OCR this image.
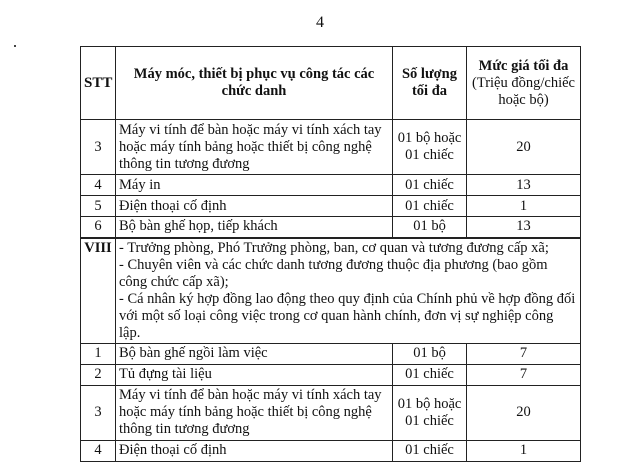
4
STT	Máy móc, thiết bị phục vụ công tác các chức danh	Số lượng tối đa	Mức giá tối đa
(Triệu đồng/chiếc hoặc bộ)

3	Máy vi tính để bàn hoặc máy vi tính xách tay hoặc máy tính bảng hoặc thiết bị công nghệ thông tin tương đương	01 bộ hoặc 01 chiếc	20
4	Máy in	01 chiếc	13
5	Điện thoại cố định	01 chiếc	1
6	Bộ bàn ghế họp, tiếp khách	01 bộ	13
VIII	- Trưởng phòng, Phó Trưởng phòng, ban, cơ quan và tương đương cấp xã;
- Chuyên viên và các chức danh tương đương thuộc địa phương (bao gồm công chức cấp xã);
- Cá nhân ký hợp đồng lao động theo quy định của Chính phủ về hợp đồng đối với một số loại công việc trong cơ quan hành chính, đơn vị sự nghiệp công lập.		

1	Bộ bàn ghế ngồi làm việc	01 bộ	7
2	Tủ đựng tài liệu	01 chiếc	7
3	Máy vi tính để bàn hoặc máy vi tính xách tay hoặc máy tính bảng hoặc thiết bị công nghệ thông tin tương đương	01 bộ hoặc 01 chiếc	20
4	Điện thoại cố định	01 chiếc	1
